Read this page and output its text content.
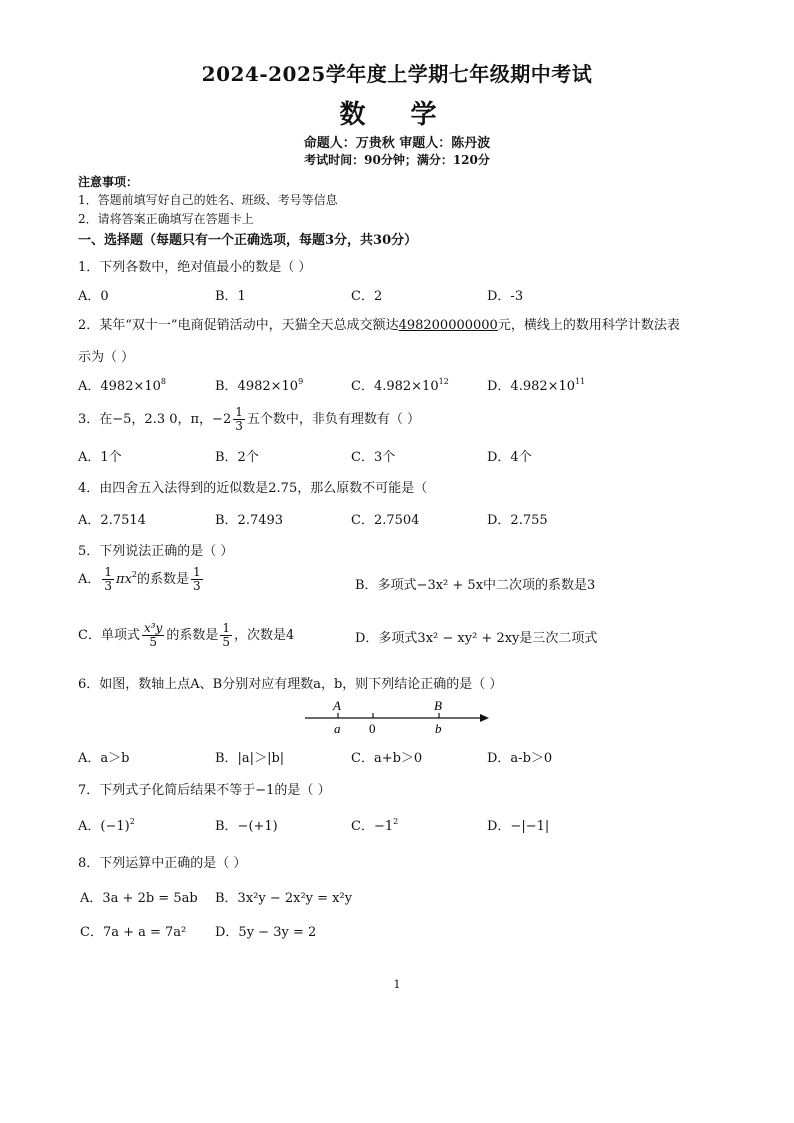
2024-2025学年度上学期七年级期中考试
数 学
命题人：万贵秋 审题人：陈丹波
考试时间：90分钟；满分：120分
注意事项：
1．答题前填写好自己的姓名、班级、考号等信息
2．请将答案正确填写在答题卡上
一、选择题（每题只有一个正确选项，每题3分，共30分）
1．下列各数中，绝对值最小的数是（ ）
A．0	B．1	C．2	D．-3
2．某年“双十一”电商促销活动中，天猫全天总成交额达498200000000元，横线上的数用科学计数法表
示为（ ）
A．$4982\times 10^8$	B．$4982\times 10^9$	C．$4.982\times 10^{12}$	D．$4.982\times 10^{11}$
3．在−5，2.3 0，π，$-2 \frac{1}{3}$ 五个数中，非负有理数有（ ）
A．1个	B．2个	C．3个	D．4个
4．由四舍五入法得到的近似数是2.75，那么原数不可能是（
A．2.7514	B．2.7493	C．2.7504	D．2.755
5．下列说法正确的是（ ）
A． $\frac{1}{3} \pi x^2$的系数是 $\frac{1}{3}$	B．多项式−3x² + 5x中二次项的系数是3
C．单项式 $\frac{\text{x³y}}{5}$ 的系数是 $\frac{1}{5}$ ，次数是4	D．多项式3x² − xy² + 2xy是三次二项式
6．如图，数轴上点A、B分别对应有理数a，b，则下列结论正确的是（ ）
A	B
a 0	b
A．a＞b	B．|a|＞|b|	C．a+b＞0	D．a-b＞0
7．下列式子化简后结果不等于−1的是（ ）
A．$(-1)^2$	B．−(+1)	C．$-1^2$	D．−|−1|
8．下列运算中正确的是（ ）
A．3a + 2b = 5ab B．3x²y − 2x²y = x²y
C．7a + a = 7a² D．5y − 3y = 2
1
